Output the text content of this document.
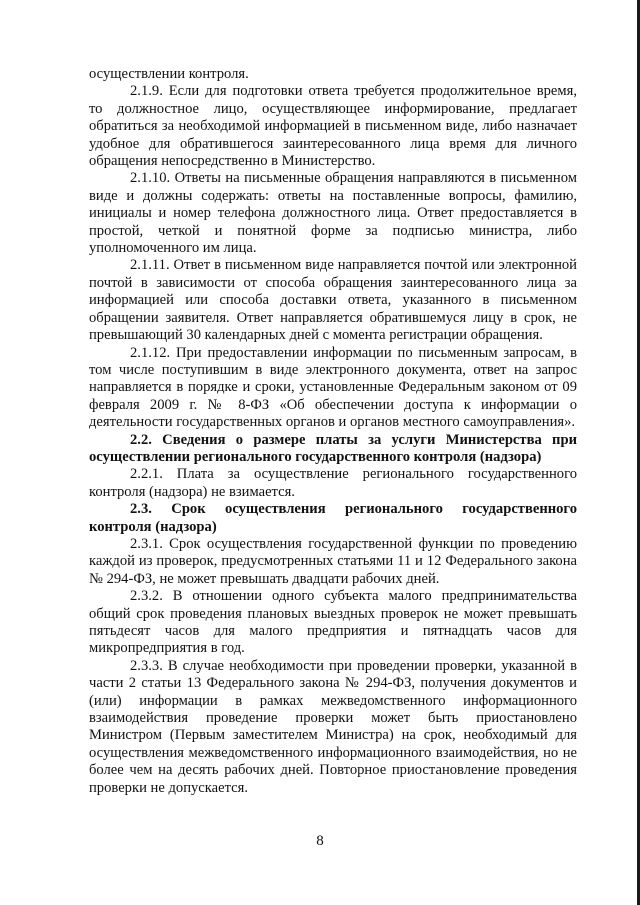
осуществлении контроля.

2.1.9. Если для подготовки ответа требуется продолжительное время, то должностное лицо, осуществляющее информирование, предлагает обратиться за необходимой информацией в письменном виде, либо назначает удобное для обратившегося заинтересованного лица время для личного обращения непосредственно в Министерство.

2.1.10. Ответы на письменные обращения направляются в письменном виде и должны содержать: ответы на поставленные вопросы, фамилию, инициалы и номер телефона должностного лица. Ответ предоставляется в простой, четкой и понятной форме за подписью министра, либо уполномоченного им лица.

2.1.11. Ответ в письменном виде направляется почтой или электронной почтой в зависимости от способа обращения заинтересованного лица за информацией или способа доставки ответа, указанного в письменном обращении заявителя. Ответ направляется обратившемуся лицу в срок, не превышающий 30 календарных дней с момента регистрации обращения.

2.1.12. При предоставлении информации по письменным запросам, в том числе поступившим в виде электронного документа, ответ на запрос направляется в порядке и сроки, установленные Федеральным законом от 09 февраля 2009 г. № 8-ФЗ «Об обеспечении доступа к информации о деятельности государственных органов и органов местного самоуправления».

2.2. Сведения о размере платы за услуги Министерства при осуществлении регионального государственного контроля (надзора)

2.2.1. Плата за осуществление регионального государственного контроля (надзора) не взимается.

2.3. Срок осуществления регионального государственного контроля (надзора)

2.3.1. Срок осуществления государственной функции по проведению каждой из проверок, предусмотренных статьями 11 и 12 Федерального закона № 294-ФЗ, не может превышать двадцати рабочих дней.

2.3.2. В отношении одного субъекта малого предпринимательства общий срок проведения плановых выездных проверок не может превышать пятьдесят часов для малого предприятия и пятнадцать часов для микропредприятия в год.

2.3.3. В случае необходимости при проведении проверки, указанной в части 2 статьи 13 Федерального закона № 294-ФЗ, получения документов и (или) информации в рамках межведомственного информационного взаимодействия проведение проверки может быть приостановлено Министром (Первым заместителем Министра) на срок, необходимый для осуществления межведомственного информационного взаимодействия, но не более чем на десять рабочих дней. Повторное приостановление проведения проверки не допускается.

8
